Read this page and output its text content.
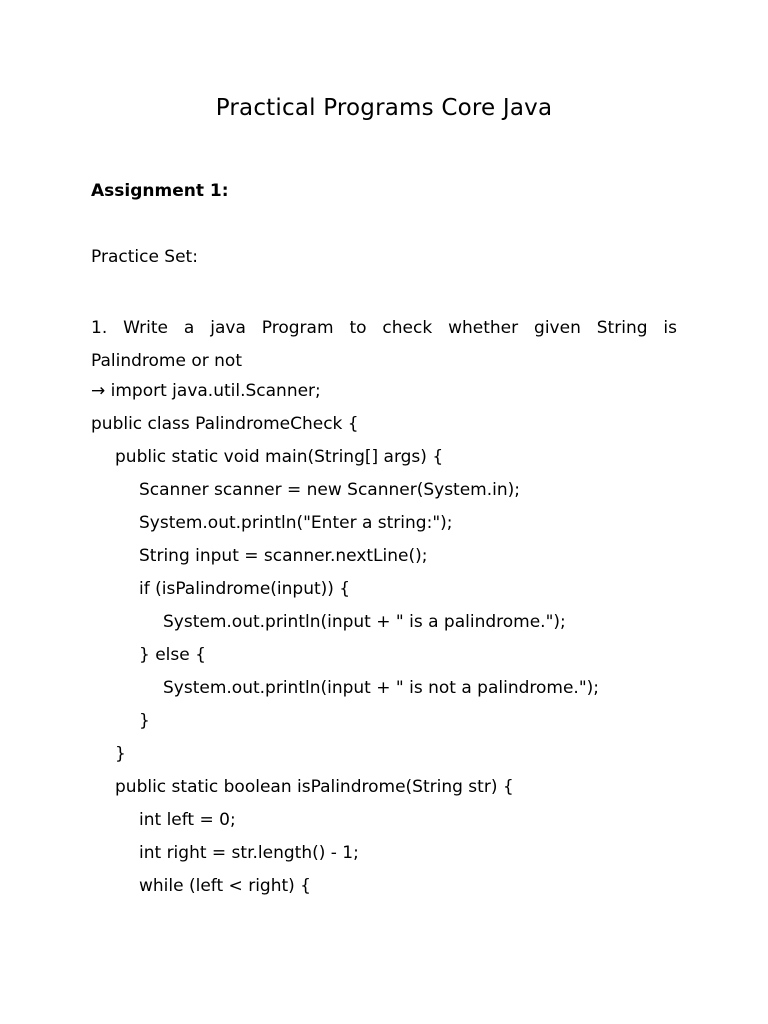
Practical Programs Core Java
Assignment 1:

Practice Set:

1. Write a java Program to check whether given String is
Palindrome or not
→ import java.util.Scanner;
public class PalindromeCheck {
public static void main(String[] args) {
Scanner scanner = new Scanner(System.in);
System.out.println("Enter a string:");
String input = scanner.nextLine();
if (isPalindrome(input)) {
System.out.println(input + " is a palindrome.");
} else {
System.out.println(input + " is not a palindrome.");
}
}
public static boolean isPalindrome(String str) {
int left = 0;
int right = str.length() - 1;
while (left < right) {
